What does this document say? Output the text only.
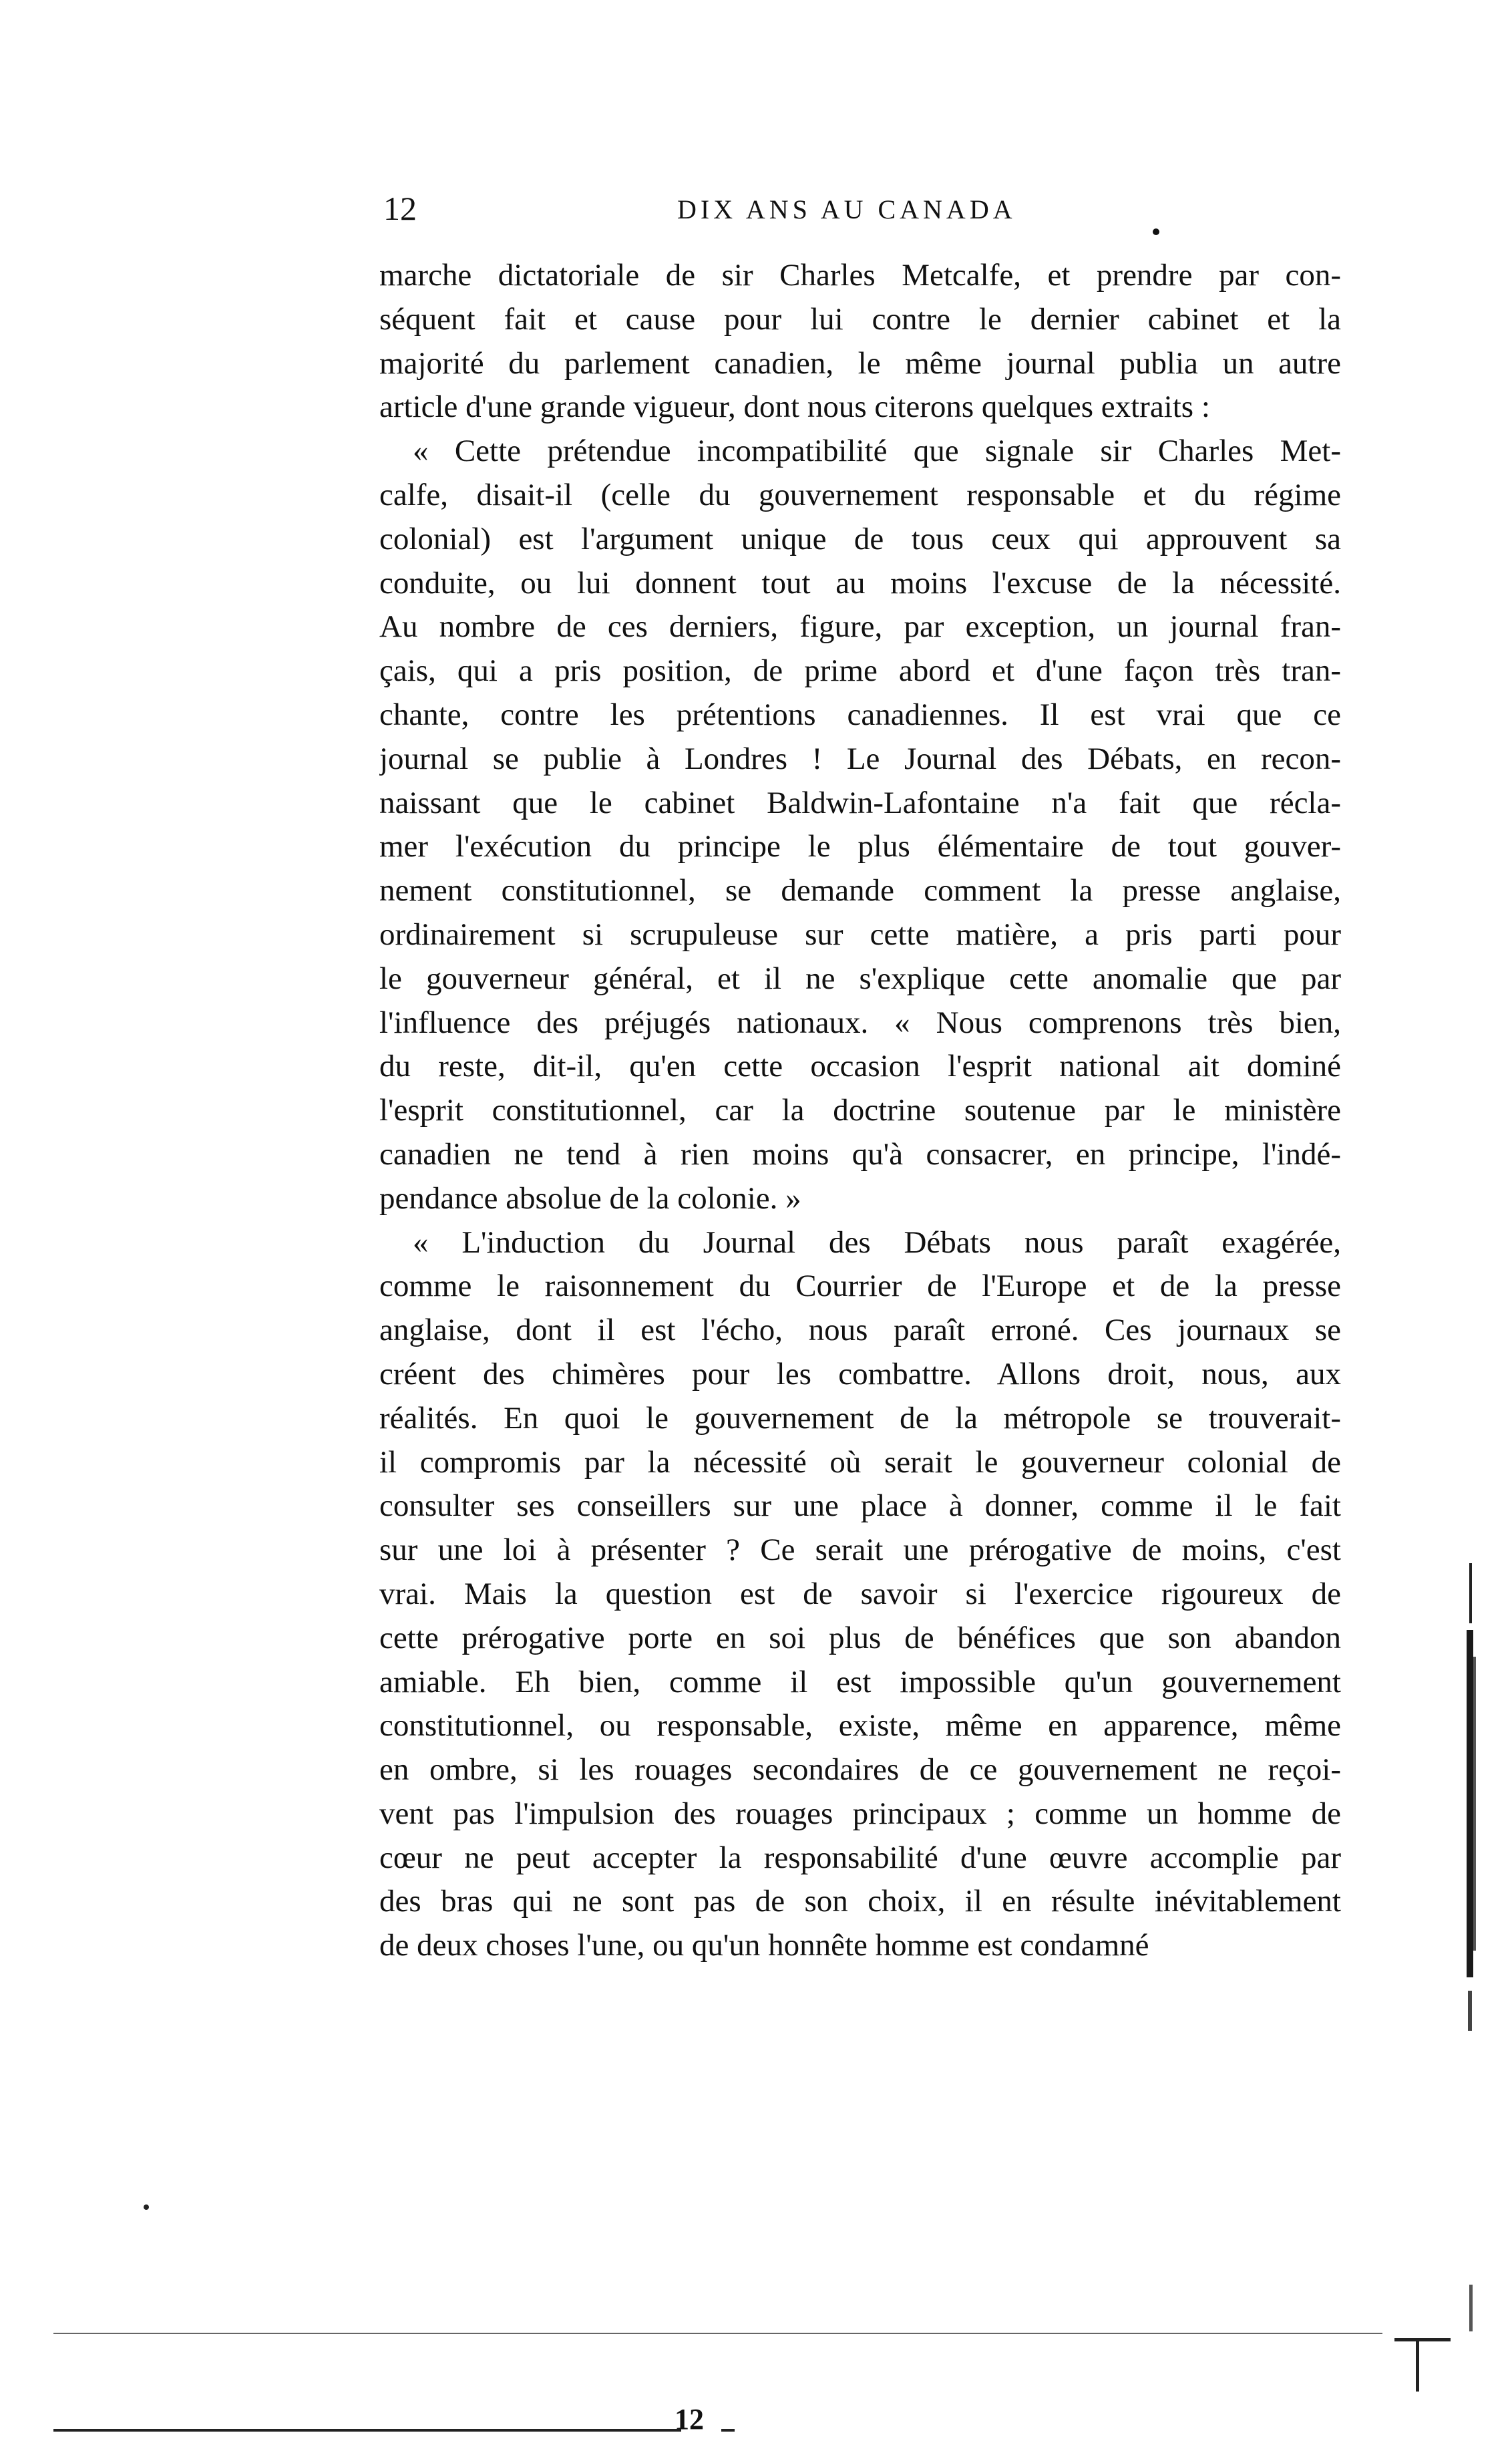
12	DIX ANS AU CANADA
marche dictatoriale de sir Charles Metcalfe, et prendre par con-
séquent fait et cause pour lui contre le dernier cabinet et la
majorité du parlement canadien, le même journal publia un autre
article d'une grande vigueur, dont nous citerons quelques extraits :
« Cette prétendue incompatibilité que signale sir Charles Met-
calfe, disait-il (celle du gouvernement responsable et du régime
colonial) est l'argument unique de tous ceux qui approuvent sa
conduite, ou lui donnent tout au moins l'excuse de la nécessité.
Au nombre de ces derniers, figure, par exception, un journal fran-
çais, qui a pris position, de prime abord et d'une façon très tran-
chante, contre les prétentions canadiennes. Il est vrai que ce
journal se publie à Londres ! Le Journal des Débats, en recon-
naissant que le cabinet Baldwin-Lafontaine n'a fait que récla-
mer l'exécution du principe le plus élémentaire de tout gouver-
nement constitutionnel, se demande comment la presse anglaise,
ordinairement si scrupuleuse sur cette matière, a pris parti pour
le gouverneur général, et il ne s'explique cette anomalie que par
l'influence des préjugés nationaux. « Nous comprenons très bien,
du reste, dit-il, qu'en cette occasion l'esprit national ait dominé
l'esprit constitutionnel, car la doctrine soutenue par le ministère
canadien ne tend à rien moins qu'à consacrer, en principe, l'indé-
pendance absolue de la colonie. »
« L'induction du Journal des Débats nous paraît exagérée,
comme le raisonnement du Courrier de l'Europe et de la presse
anglaise, dont il est l'écho, nous paraît erroné. Ces journaux se
créent des chimères pour les combattre. Allons droit, nous, aux
réalités. En quoi le gouvernement de la métropole se trouverait-
il compromis par la nécessité où serait le gouverneur colonial de
consulter ses conseillers sur une place à donner, comme il le fait
sur une loi à présenter ? Ce serait une prérogative de moins, c'est
vrai. Mais la question est de savoir si l'exercice rigoureux de
cette prérogative porte en soi plus de bénéfices que son abandon
amiable. Eh bien, comme il est impossible qu'un gouvernement
constitutionnel, ou responsable, existe, même en apparence, même
en ombre, si les rouages secondaires de ce gouvernement ne reçoi-
vent pas l'impulsion des rouages principaux ; comme un homme de
cœur ne peut accepter la responsabilité d'une œuvre accomplie par
des bras qui ne sont pas de son choix, il en résulte inévitablement
de deux choses l'une, ou qu'un honnête homme est condamné
12
